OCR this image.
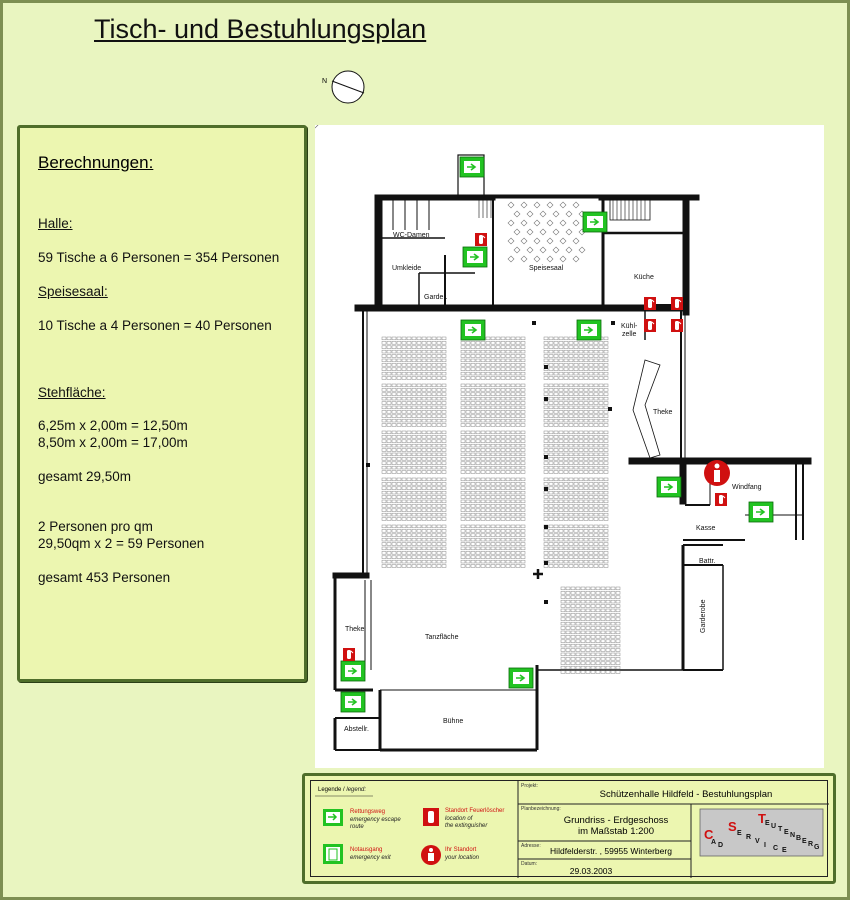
Tisch- und Bestuhlungsplan
N
Berechnungen:
Halle:
59 Tische a 6 Personen = 354 Personen
Speisesaal:
10 Tische a 4 Personen = 40 Personen
Stehfläche:
6,25m x 2,00m = 12,50m
8,50m x 2,00m = 17,00m
gesamt 29,50m
2 Personen pro qm
29,50qm x 2 = 59 Personen
gesamt 453 Personen
WC-Damen
Umkleide
Garder.
Speisesaal
Küche
Kühl-
zelle
Theke
Windfang
Kasse
Battr.
Garderobe
Theke
Tanzfläche
Abstellr.
Bühne
Legende / legend:
Rettungsweg
emergency escape
route
Standort Feuerlöscher
location of
the extinguisher
Notausgang
emergency exit
Ihr Standort
your location
Projekt:
Schützenhalle Hildfeld - Bestuhlungsplan
Planbezeichnung:
Grundriss - Erdgeschoss
im Maßstab 1:200
Adresse:	Hildfelderstr. , 59955 Winterberg
Datum:
29.03.2003
C
A D
S E
R
V
I C E
T E U T E N B E R G
